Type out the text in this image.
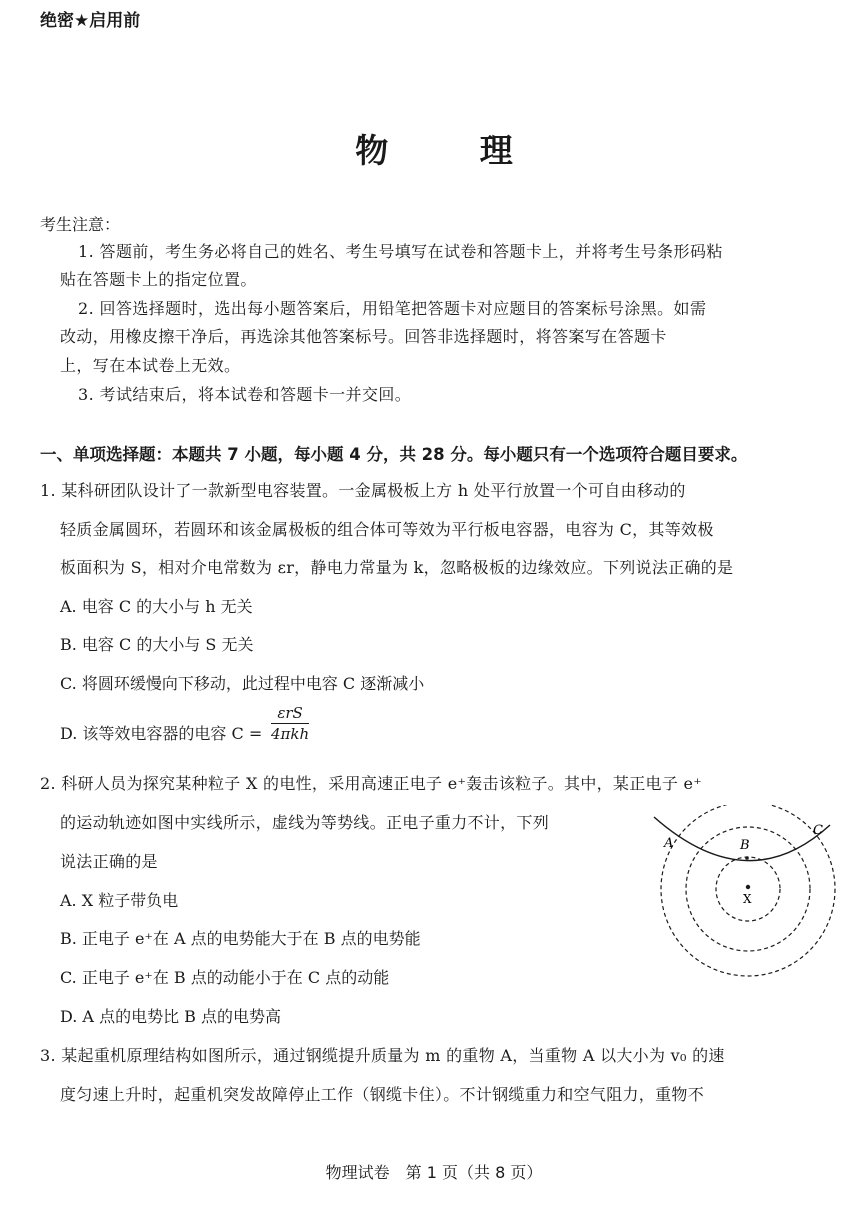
绝密★启用前
物 理
考生注意：
1. 答题前，考生务必将自己的姓名、考生号填写在试卷和答题卡上，并将考生号条形码粘
贴在答题卡上的指定位置。
2. 回答选择题时，选出每小题答案后，用铅笔把答题卡对应题目的答案标号涂黑。如需
改动，用橡皮擦干净后，再选涂其他答案标号。回答非选择题时，将答案写在答题卡
上，写在本试卷上无效。
3. 考试结束后，将本试卷和答题卡一并交回。
一、单项选择题：本题共 7 小题，每小题 4 分，共 28 分。每小题只有一个选项符合题目要求。
1. 某科研团队设计了一款新型电容装置。一金属极板上方 h 处平行放置一个可自由移动的
轻质金属圆环，若圆环和该金属极板的组合体可等效为平行板电容器，电容为 C，其等效极
板面积为 S，相对介电常数为 εr，静电力常量为 k，忽略极板的边缘效应。下列说法正确的是
A. 电容 C 的大小与 h 无关
B. 电容 C 的大小与 S 无关
C. 将圆环缓慢向下移动，此过程中电容 C 逐渐减小
D. 该等效电容器的电容 C =
εrS
4πkh
2. 科研人员为探究某种粒子 X 的电性，采用高速正电子 e⁺轰击该粒子。其中，某正电子 e⁺
的运动轨迹如图中实线所示，虚线为等势线。正电子重力不计，下列
说法正确的是
A. X 粒子带负电
B. 正电子 e⁺在 A 点的电势能大于在 B 点的电势能
C. 正电子 e⁺在 B 点的动能小于在 C 点的动能
D. A 点的电势比 B 点的电势高
A	B
C
X
3. 某起重机原理结构如图所示，通过钢缆提升质量为 m 的重物 A，当重物 A 以大小为 v₀ 的速
度匀速上升时，起重机突发故障停止工作（钢缆卡住）。不计钢缆重力和空气阻力，重物不
物理试卷　第 1 页（共 8 页）
